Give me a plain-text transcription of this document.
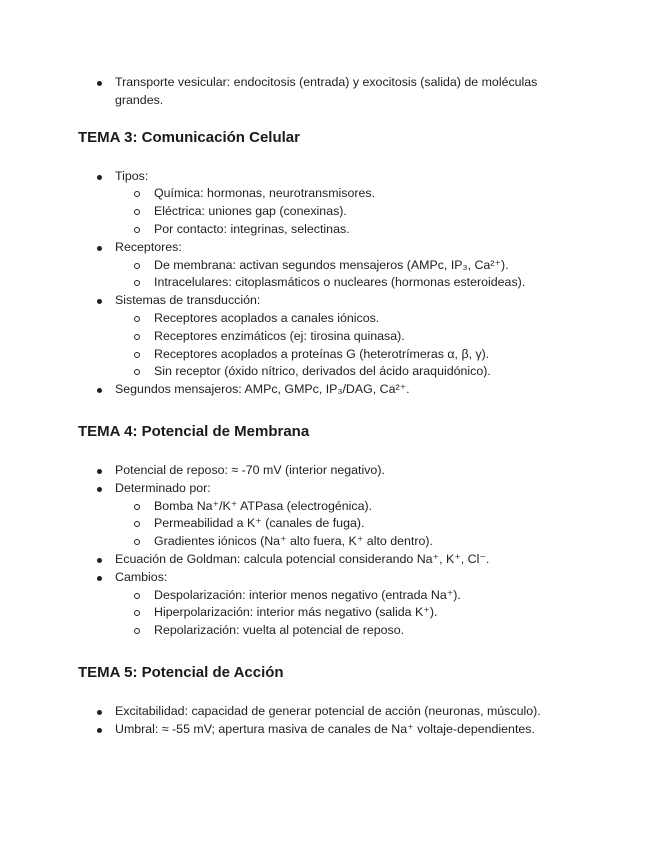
Transporte vesicular: endocitosis (entrada) y exocitosis (salida) de moléculas grandes.
TEMA 3: Comunicación Celular
Tipos:
Química: hormonas, neurotransmisores.
Eléctrica: uniones gap (conexinas).
Por contacto: integrinas, selectinas.
Receptores:
De membrana: activan segundos mensajeros (AMPc, IP₃, Ca²⁺).
Intracelulares: citoplasmáticos o nucleares (hormonas esteroideas).
Sistemas de transducción:
Receptores acoplados a canales iónicos.
Receptores enzimáticos (ej: tirosina quinasa).
Receptores acoplados a proteínas G (heterotrímeras α, β, γ).
Sin receptor (óxido nítrico, derivados del ácido araquidónico).
Segundos mensajeros: AMPc, GMPc, IP₃/DAG, Ca²⁺.
TEMA 4: Potencial de Membrana
Potencial de reposo: ≈ -70 mV (interior negativo).
Determinado por:
Bomba Na⁺/K⁺ ATPasa (electrogénica).
Permeabilidad a K⁺ (canales de fuga).
Gradientes iónicos (Na⁺ alto fuera, K⁺ alto dentro).
Ecuación de Goldman: calcula potencial considerando Na⁺, K⁺, Cl⁻.
Cambios:
Despolarización: interior menos negativo (entrada Na⁺).
Hiperpolarización: interior más negativo (salida K⁺).
Repolarización: vuelta al potencial de reposo.
TEMA 5: Potencial de Acción
Excitabilidad: capacidad de generar potencial de acción (neuronas, músculo).
Umbral: ≈ -55 mV; apertura masiva de canales de Na⁺ voltaje-dependientes.
